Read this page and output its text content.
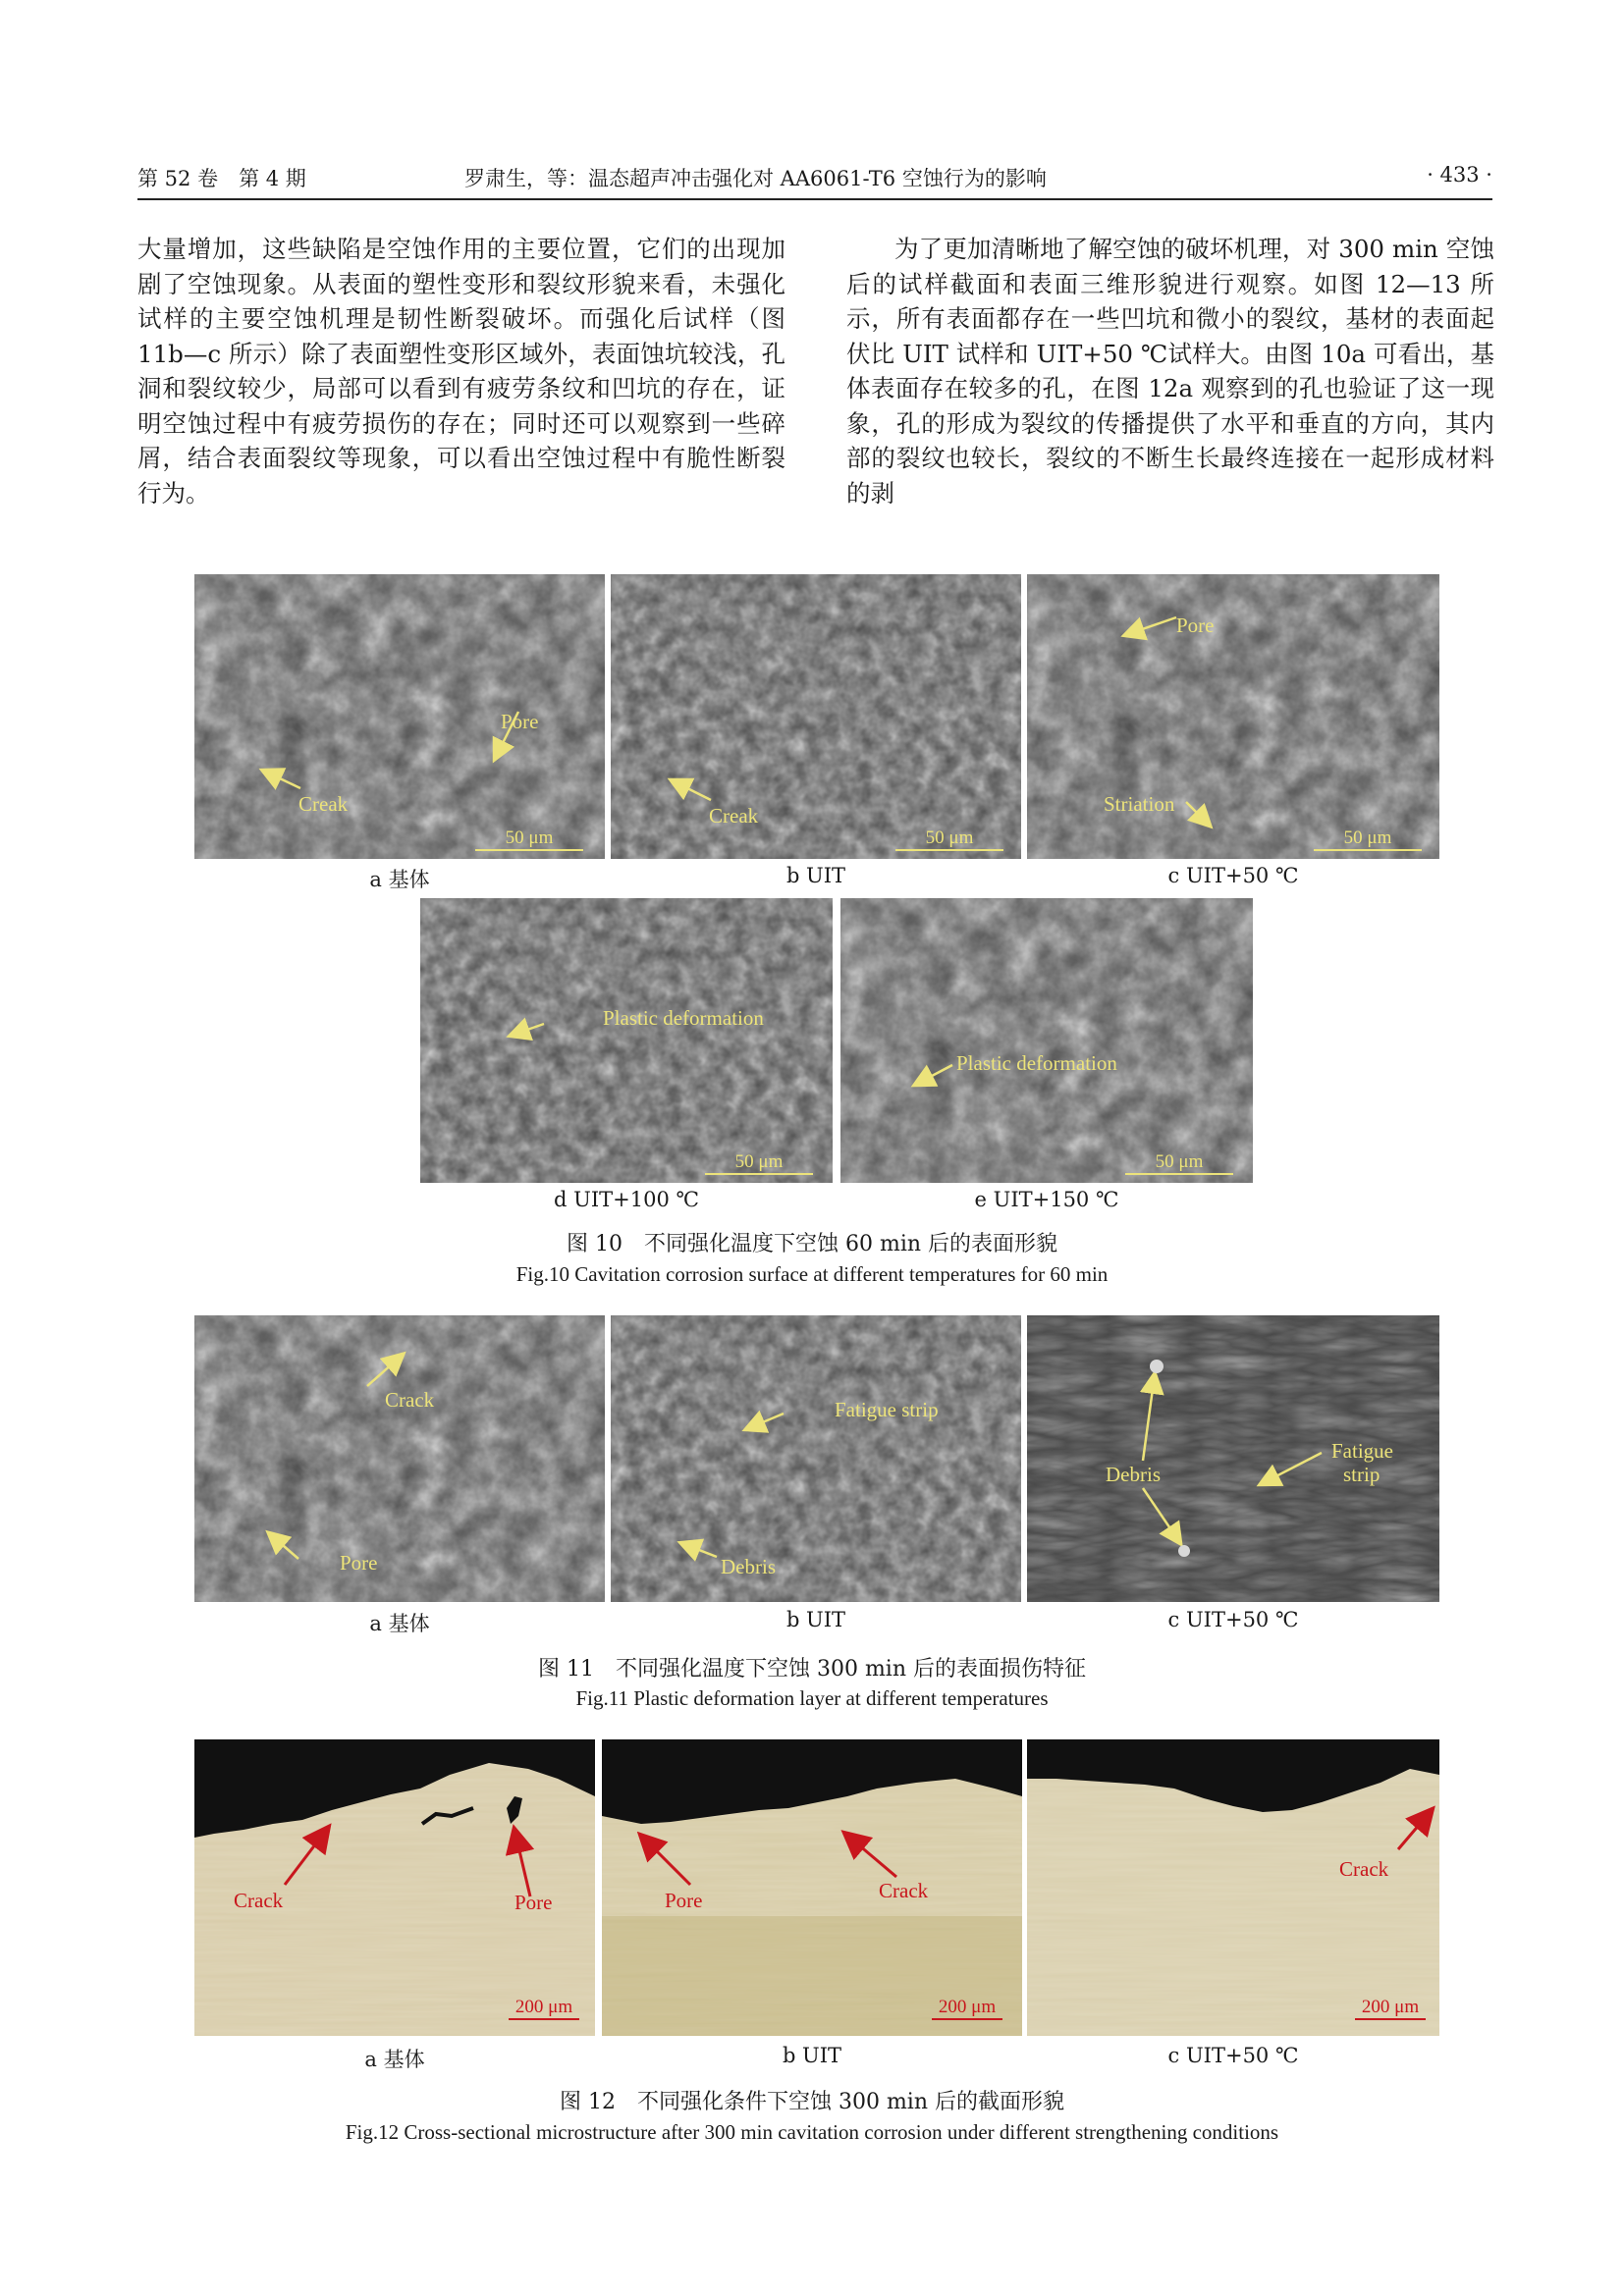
第 52 卷　第 4 期	罗肃生，等：温态超声冲击强化对 AA6061-T6 空蚀行为的影响	· 433 ·

大量增加，这些缺陷是空蚀作用的主要位置，它们的出现加剧了空蚀现象。从表面的塑性变形和裂纹形貌来看，未强化试样的主要空蚀机理是韧性断裂破坏。而强化后试样（图 11b—c 所示）除了表面塑性变形区域外，表面蚀坑较浅，孔洞和裂纹较少，局部可以看到有疲劳条纹和凹坑的存在，证明空蚀过程中有疲劳损伤的存在；同时还可以观察到一些碎屑，结合表面裂纹等现象，可以看出空蚀过程中有脆性断裂行为。

为了更加清晰地了解空蚀的破坏机理，对 300 min 空蚀后的试样截面和表面三维形貌进行观察。如图 12—13 所示，所有表面都存在一些凹坑和微小的裂纹，基材的表面起伏比 UIT 试样和 UIT+50 ℃试样大。由图 10a 可看出，基体表面存在较多的孔，在图 12a 观察到的孔也验证了这一现象，孔的形成为裂纹的传播提供了水平和垂直的方向，其内部的裂纹也较长，裂纹的不断生长最终连接在一起形成材料的剥

Creak
Pore
50 μm
Creak
50 μm
Pore
Striation
50 μm
a 基体	b UIT	c UIT+50 ℃
Plastic deformation
50 μm
Plastic deformation
50 μm
d UIT+100 ℃	e UIT+150 ℃
图 10　不同强化温度下空蚀 60 min 后的表面形貌
Fig.10 Cavitation corrosion surface at different temperatures for 60 min
Crack
Pore
Fatigue strip
Debris
Debris
Fatigue
strip
a 基体	b UIT	c UIT+50 ℃
图 11　不同强化温度下空蚀 300 min 后的表面损伤特征
Fig.11 Plastic deformation layer at different temperatures
Crack	Pore
200 μm
Pore	Crack
200 μm
Crack
200 μm
a 基体	b UIT	c UIT+50 ℃
图 12　不同强化条件下空蚀 300 min 后的截面形貌
Fig.12 Cross-sectional microstructure after 300 min cavitation corrosion under different strengthening conditions
